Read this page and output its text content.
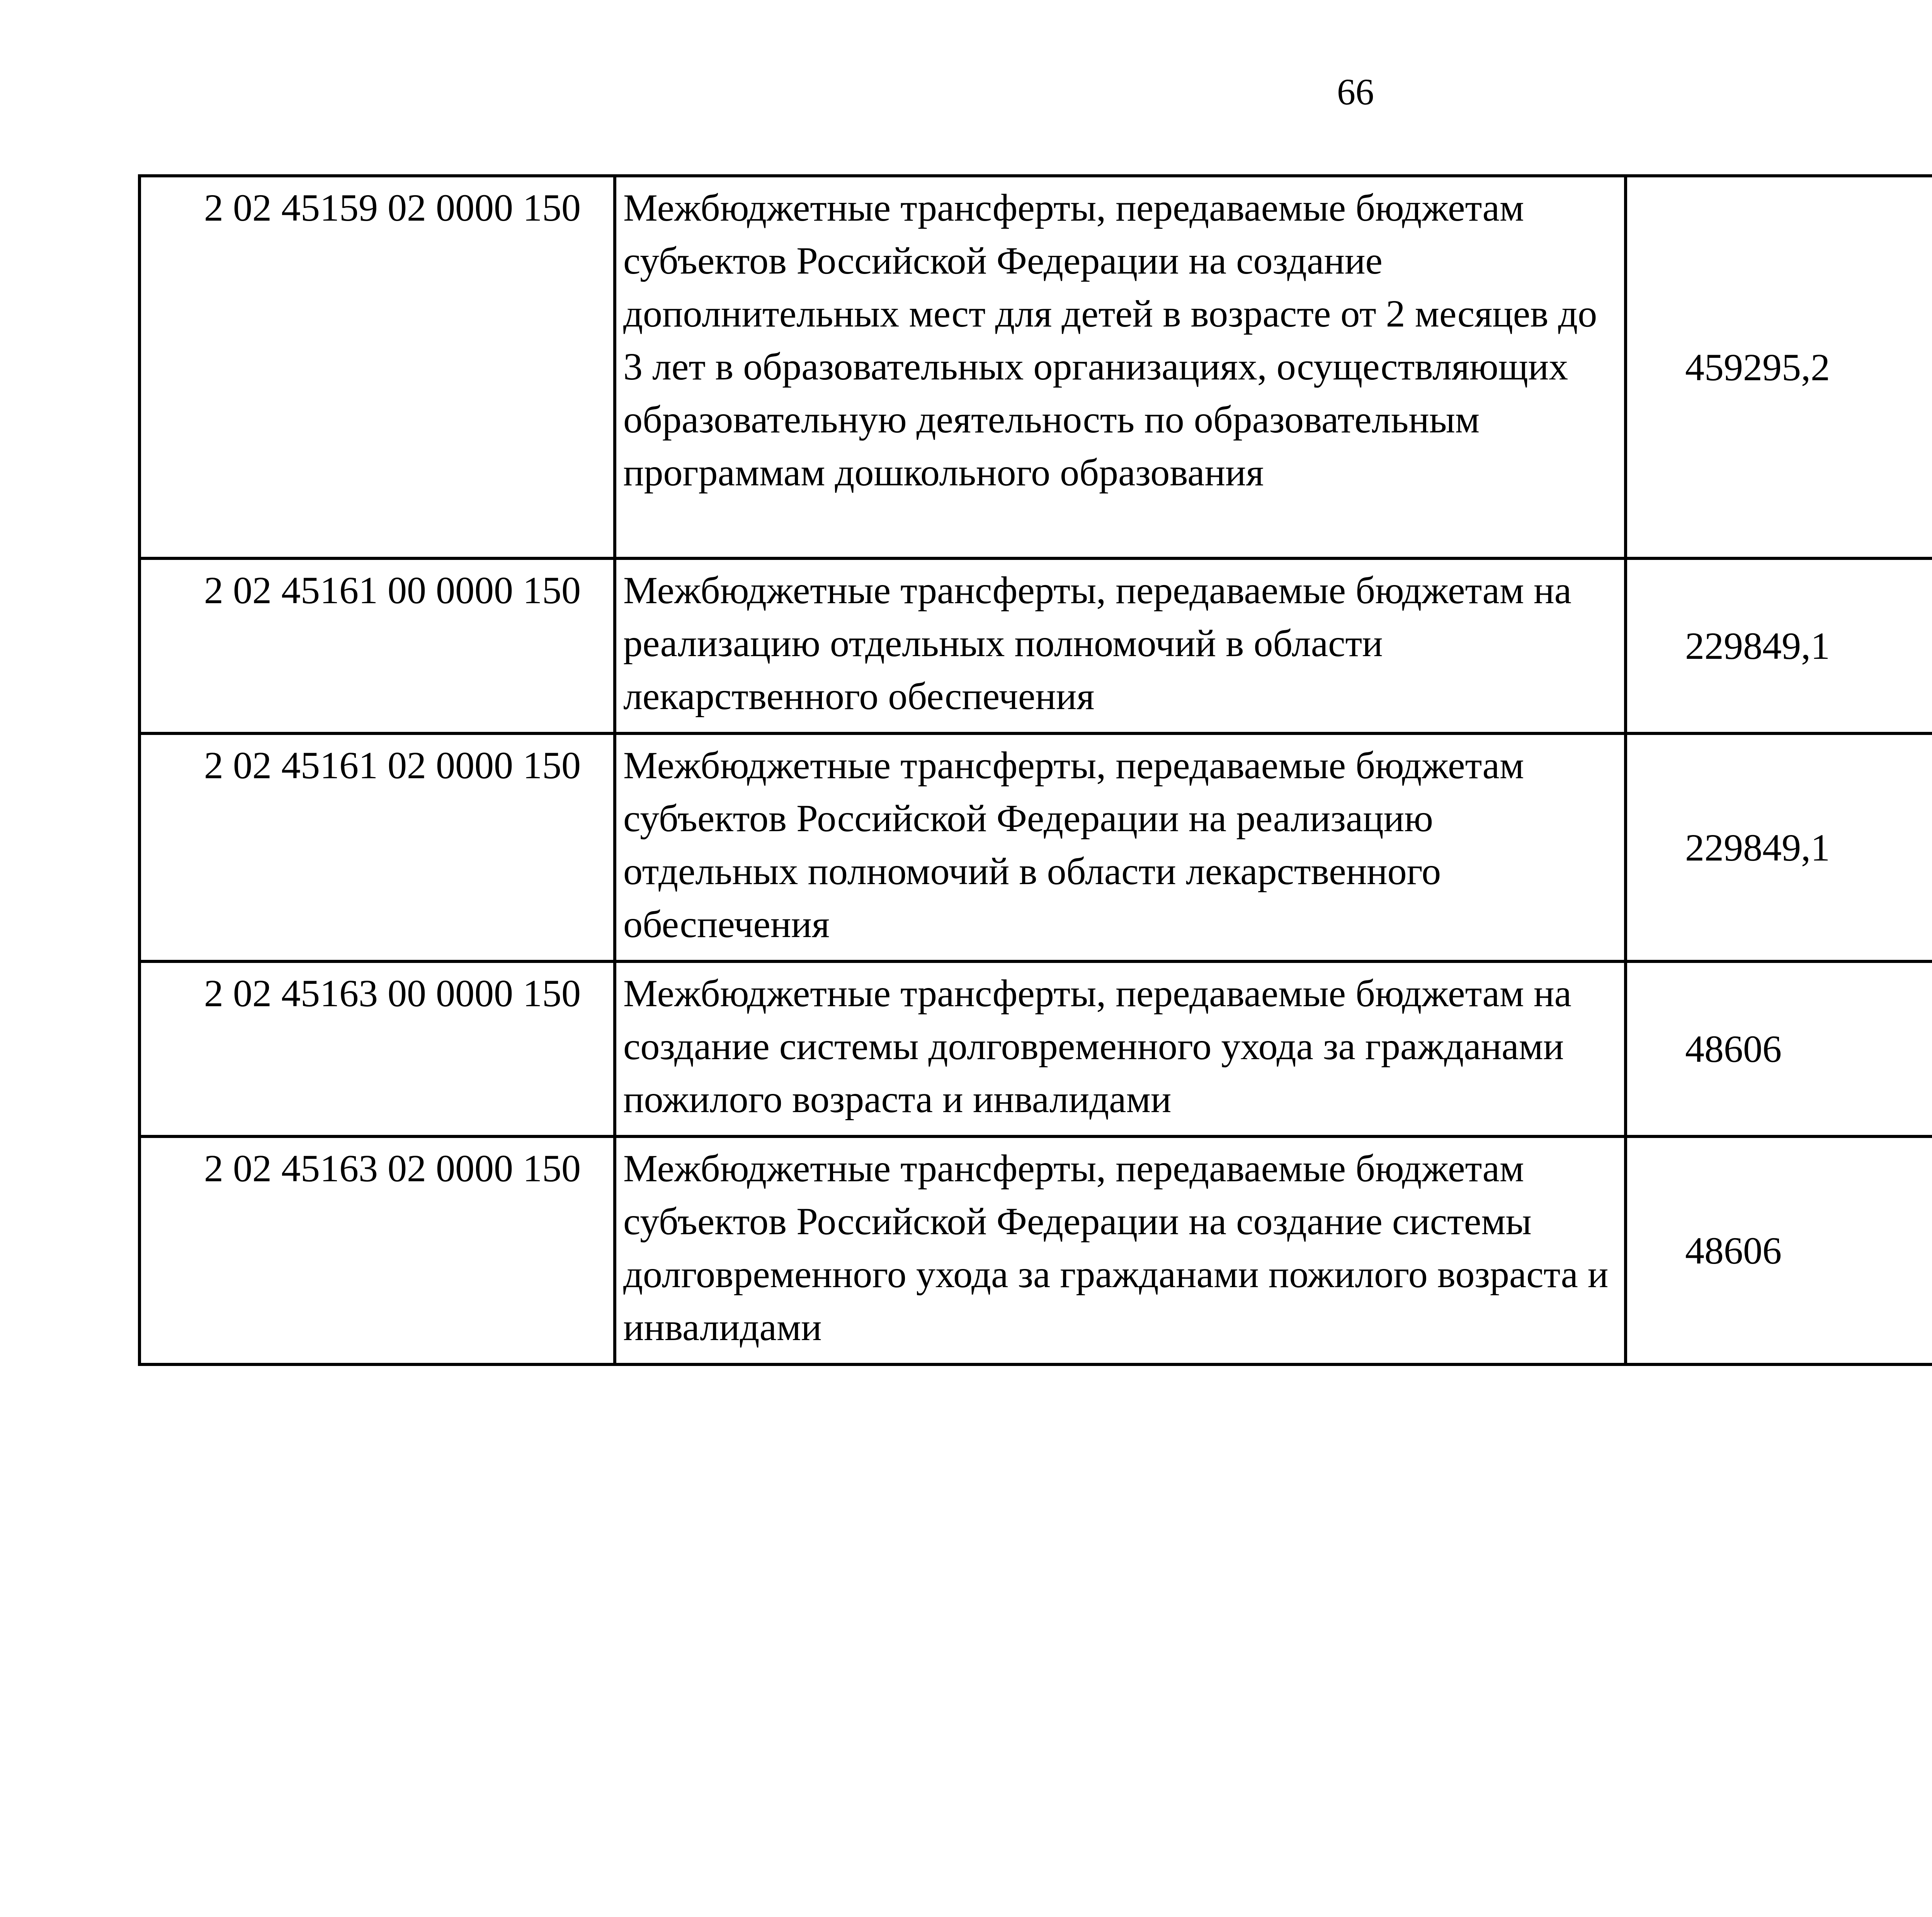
66
2 02 45159 02 0000 150	Межбюджетные трансферты, передаваемые бюджетам субъектов Российской Федерации на создание дополнительных мест для детей в возрасте от 2 месяцев до 3 лет в образовательных организациях, осуществляющих образовательную деятельность по образовательным программам дошкольного образования	459295,2		
2 02 45161 00 0000 150	Межбюджетные трансферты, передаваемые бюджетам на реализацию отдельных полномочий в области лекарственного обеспечения	229849,1		
2 02 45161 02 0000 150	Межбюджетные трансферты, передаваемые бюджетам субъектов Российской Федерации на реализацию отдельных полномочий в области лекарственного обеспечения	229849,1		
2 02 45163 00 0000 150	Межбюджетные трансферты, передаваемые бюджетам на создание системы долговременного ухода за гражданами пожилого возраста и инвалидами	48606		
2 02 45163 02 0000 150	Межбюджетные трансферты, передаваемые бюджетам субъектов Российской Федерации на создание системы долговременного ухода за гражданами пожилого возраста и инвалидами	48606		
